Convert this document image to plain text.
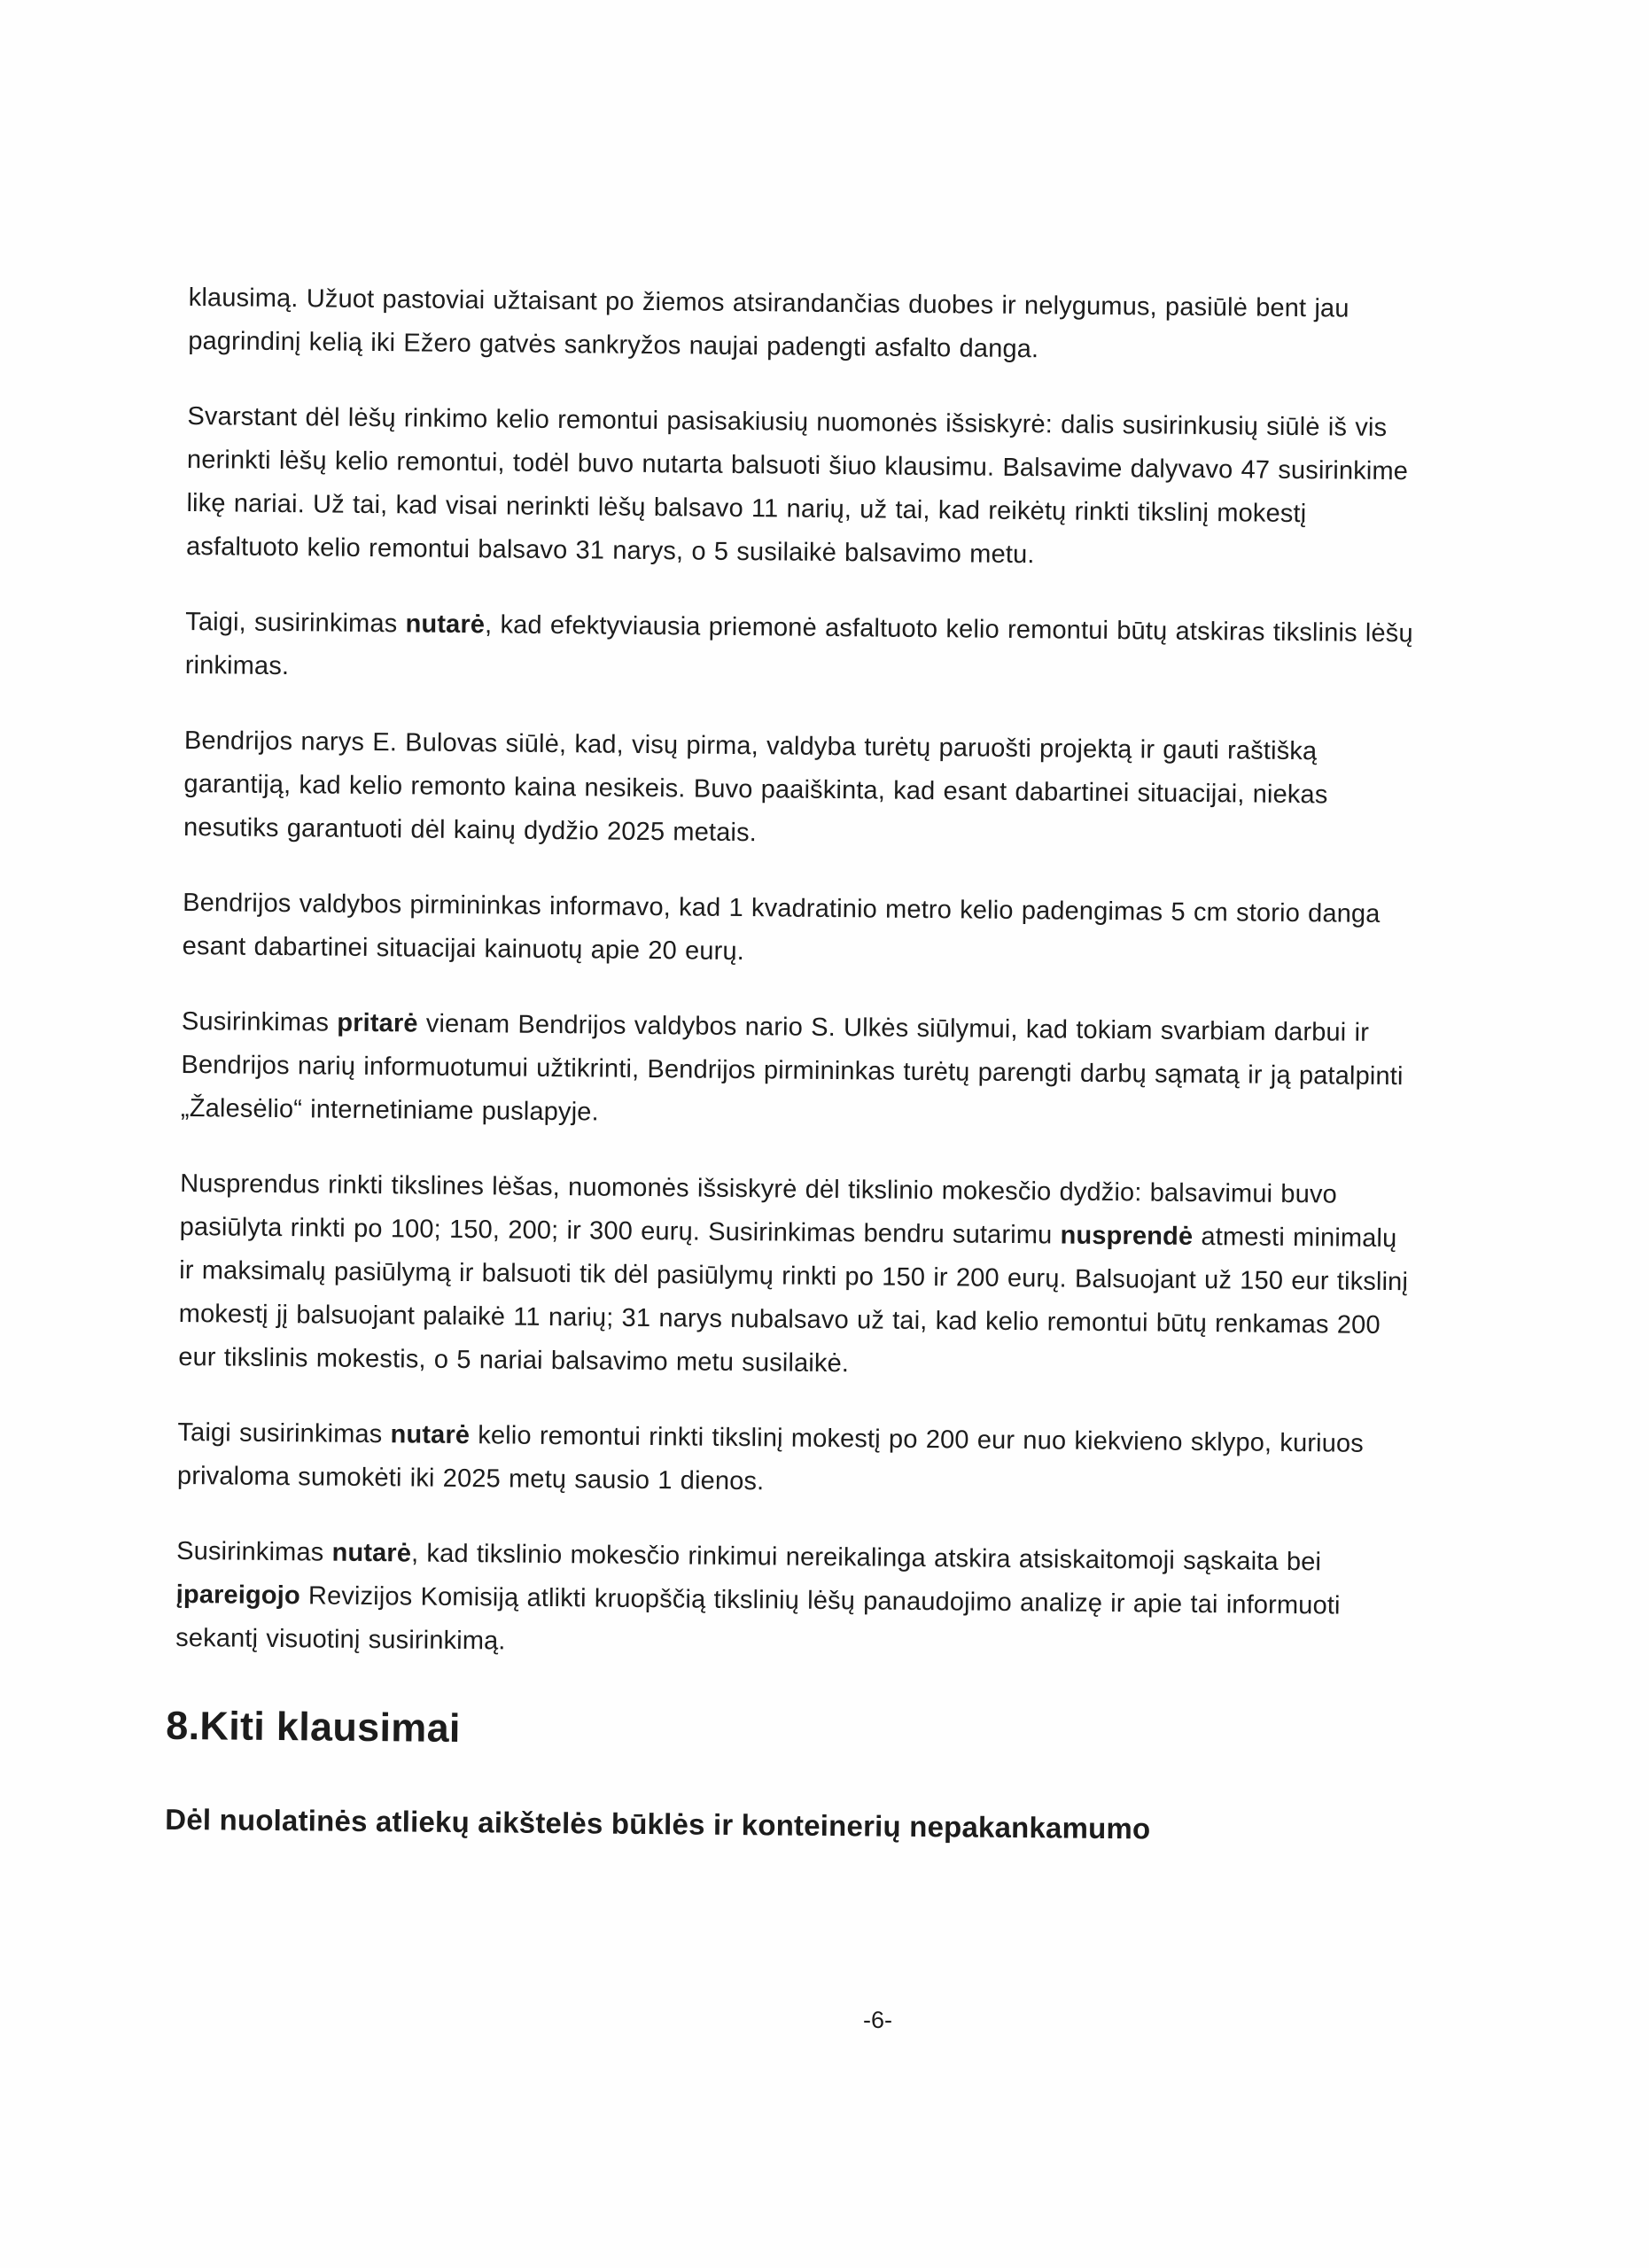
klausimą. Užuot pastoviai užtaisant po žiemos atsirandančias duobes ir nelygumus, pasiūlė bent jau pagrindinį kelią iki Ežero gatvės sankryžos naujai padengti asfalto danga.

Svarstant dėl lėšų rinkimo kelio remontui pasisakiusių nuomonės išsiskyrė: dalis susirinkusių siūlė iš vis nerinkti lėšų kelio remontui, todėl buvo nutarta balsuoti šiuo klausimu. Balsavime dalyvavo 47 susirinkime likę nariai. Už tai, kad visai nerinkti lėšų balsavo 11 narių, už tai, kad reikėtų rinkti tikslinį mokestį asfaltuoto kelio remontui balsavo 31 narys, o 5 susilaikė balsavimo metu.

Taigi, susirinkimas nutarė, kad efektyviausia priemonė asfaltuoto kelio remontui būtų atskiras tikslinis lėšų rinkimas.

Bendrijos narys E. Bulovas siūlė, kad, visų pirma, valdyba turėtų paruošti projektą ir gauti raštišką garantiją, kad kelio remonto kaina nesikeis. Buvo paaiškinta, kad esant dabartinei situacijai, niekas nesutiks garantuoti dėl kainų dydžio 2025 metais.

Bendrijos valdybos pirmininkas informavo, kad 1 kvadratinio metro kelio padengimas 5 cm storio danga esant dabartinei situacijai kainuotų apie 20 eurų.

Susirinkimas pritarė vienam Bendrijos valdybos nario S. Ulkės siūlymui, kad tokiam svarbiam darbui ir Bendrijos narių informuotumui užtikrinti, Bendrijos pirmininkas turėtų parengti darbų sąmatą ir ją patalpinti „Žalesėlio“ internetiniame puslapyje.

Nusprendus rinkti tikslines lėšas, nuomonės išsiskyrė dėl tikslinio mokesčio dydžio: balsavimui buvo pasiūlyta rinkti po 100; 150, 200; ir 300 eurų. Susirinkimas bendru sutarimu nusprendė atmesti minimalų ir maksimalų pasiūlymą ir balsuoti tik dėl pasiūlymų rinkti po 150 ir 200 eurų. Balsuojant už 150 eur tikslinį mokestį jį balsuojant palaikė 11 narių; 31 narys nubalsavo už tai, kad kelio remontui būtų renkamas 200 eur tikslinis mokestis, o 5 nariai balsavimo metu susilaikė.

Taigi susirinkimas nutarė kelio remontui rinkti tikslinį mokestį po 200 eur nuo kiekvieno sklypo, kuriuos privaloma sumokėti iki 2025 metų sausio 1 dienos.

Susirinkimas nutarė, kad tikslinio mokesčio rinkimui nereikalinga atskira atsiskaitomoji sąskaita bei įpareigojo Revizijos Komisiją atlikti kruopščią tikslinių lėšų panaudojimo analizę ir apie tai informuoti sekantį visuotinį susirinkimą.

8.Kiti klausimai
Dėl nuolatinės atliekų aikštelės būklės ir konteinerių nepakankamumo
-6-
